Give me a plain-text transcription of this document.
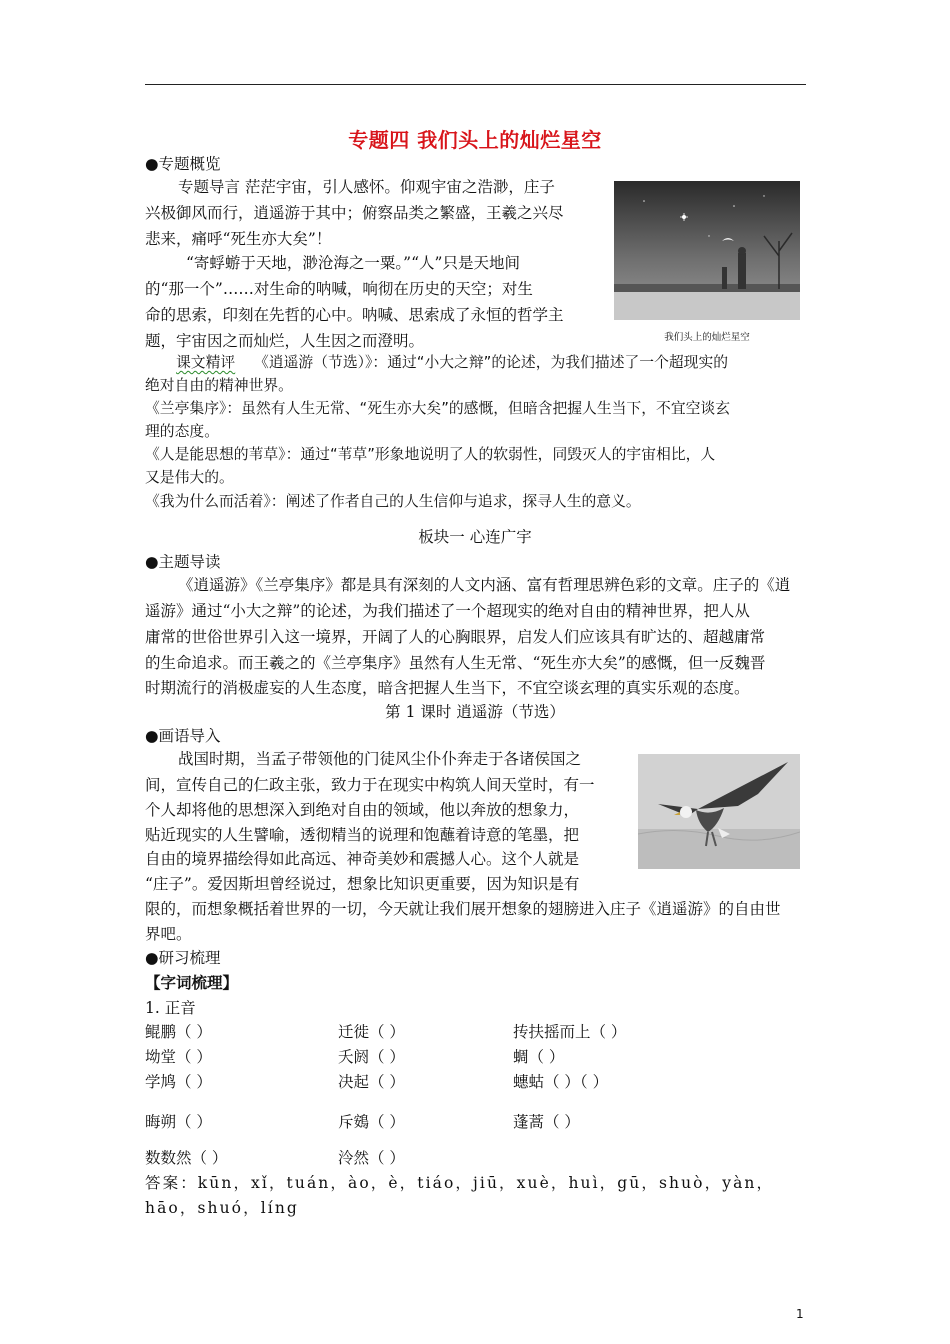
专题四 我们头上的灿烂星空
●专题概览
专题导言 茫茫宇宙，引人感怀。仰观宇宙之浩渺，庄子
兴极御风而行，逍遥游于其中；俯察品类之繁盛，王羲之兴尽
悲来，痛呼“死生亦大矣”！
“寄蜉蝣于天地，渺沧海之一粟。”“人”只是天地间
的“那一个”……对生命的呐喊，响彻在历史的天空；对生
命的思索，印刻在先哲的心中。呐喊、思索成了永恒的哲学主
题，宇宙因之而灿烂，人生因之而澄明。	我们头上的灿烂星空
课文精评 《逍遥游（节选）》：通过“小大之辩”的论述，为我们描述了一个超现实的
绝对自由的精神世界。
《兰亭集序》：虽然有人生无常、“死生亦大矣”的感慨，但暗含把握人生当下，不宜空谈玄
理的态度。
《人是能思想的苇草》：通过“苇草”形象地说明了人的软弱性，同毁灭人的宇宙相比，人
又是伟大的。
《我为什么而活着》：阐述了作者自己的人生信仰与追求，探寻人生的意义。
板块一 心连广宇
●主题导读
《逍遥游》《兰亭集序》都是具有深刻的人文内涵、富有哲理思辨色彩的文章。庄子的《逍
遥游》通过“小大之辩”的论述，为我们描述了一个超现实的绝对自由的精神世界，把人从
庸常的世俗世界引入这一境界，开阔了人的心胸眼界，启发人们应该具有旷达的、超越庸常
的生命追求。而王羲之的《兰亭集序》虽然有人生无常、“死生亦大矣”的感慨，但一反魏晋
时期流行的消极虚妄的人生态度，暗含把握人生当下，不宜空谈玄理的真实乐观的态度。
第 1 课时 逍遥游（节选）
●画语导入
战国时期，当孟子带领他的门徒风尘仆仆奔走于各诸侯国之
间，宣传自己的仁政主张，致力于在现实中构筑人间天堂时，有一
个人却将他的思想深入到绝对自由的领域，他以奔放的想象力，
贴近现实的人生譬喻，透彻精当的说理和饱蘸着诗意的笔墨，把
自由的境界描绘得如此高远、神奇美妙和震撼人心。这个人就是
“庄子”。爱因斯坦曾经说过，想象比知识更重要，因为知识是有
限的，而想象概括着世界的一切，今天就让我们展开想象的翅膀进入庄子《逍遥游》的自由世
界吧。
●研习梳理
【字词梳理】
1. 正音
鲲鹏（ ）	迁徙（ ）	抟扶摇而上（ ）
坳堂（ ）	夭阏（ ）	蜩（ ）
学鸠（ ）	决起（ ）	蟪蛄（ ）（ ）
晦朔（ ）	斥鴳（ ）	蓬蒿（ ）
数数然（ ）	泠然（ ）
答案：kūn，xǐ，tuán，ào，è，tiáo，jiū，xuè，huì，gū，shuò，yàn，
hāo，shuó，líng
1
